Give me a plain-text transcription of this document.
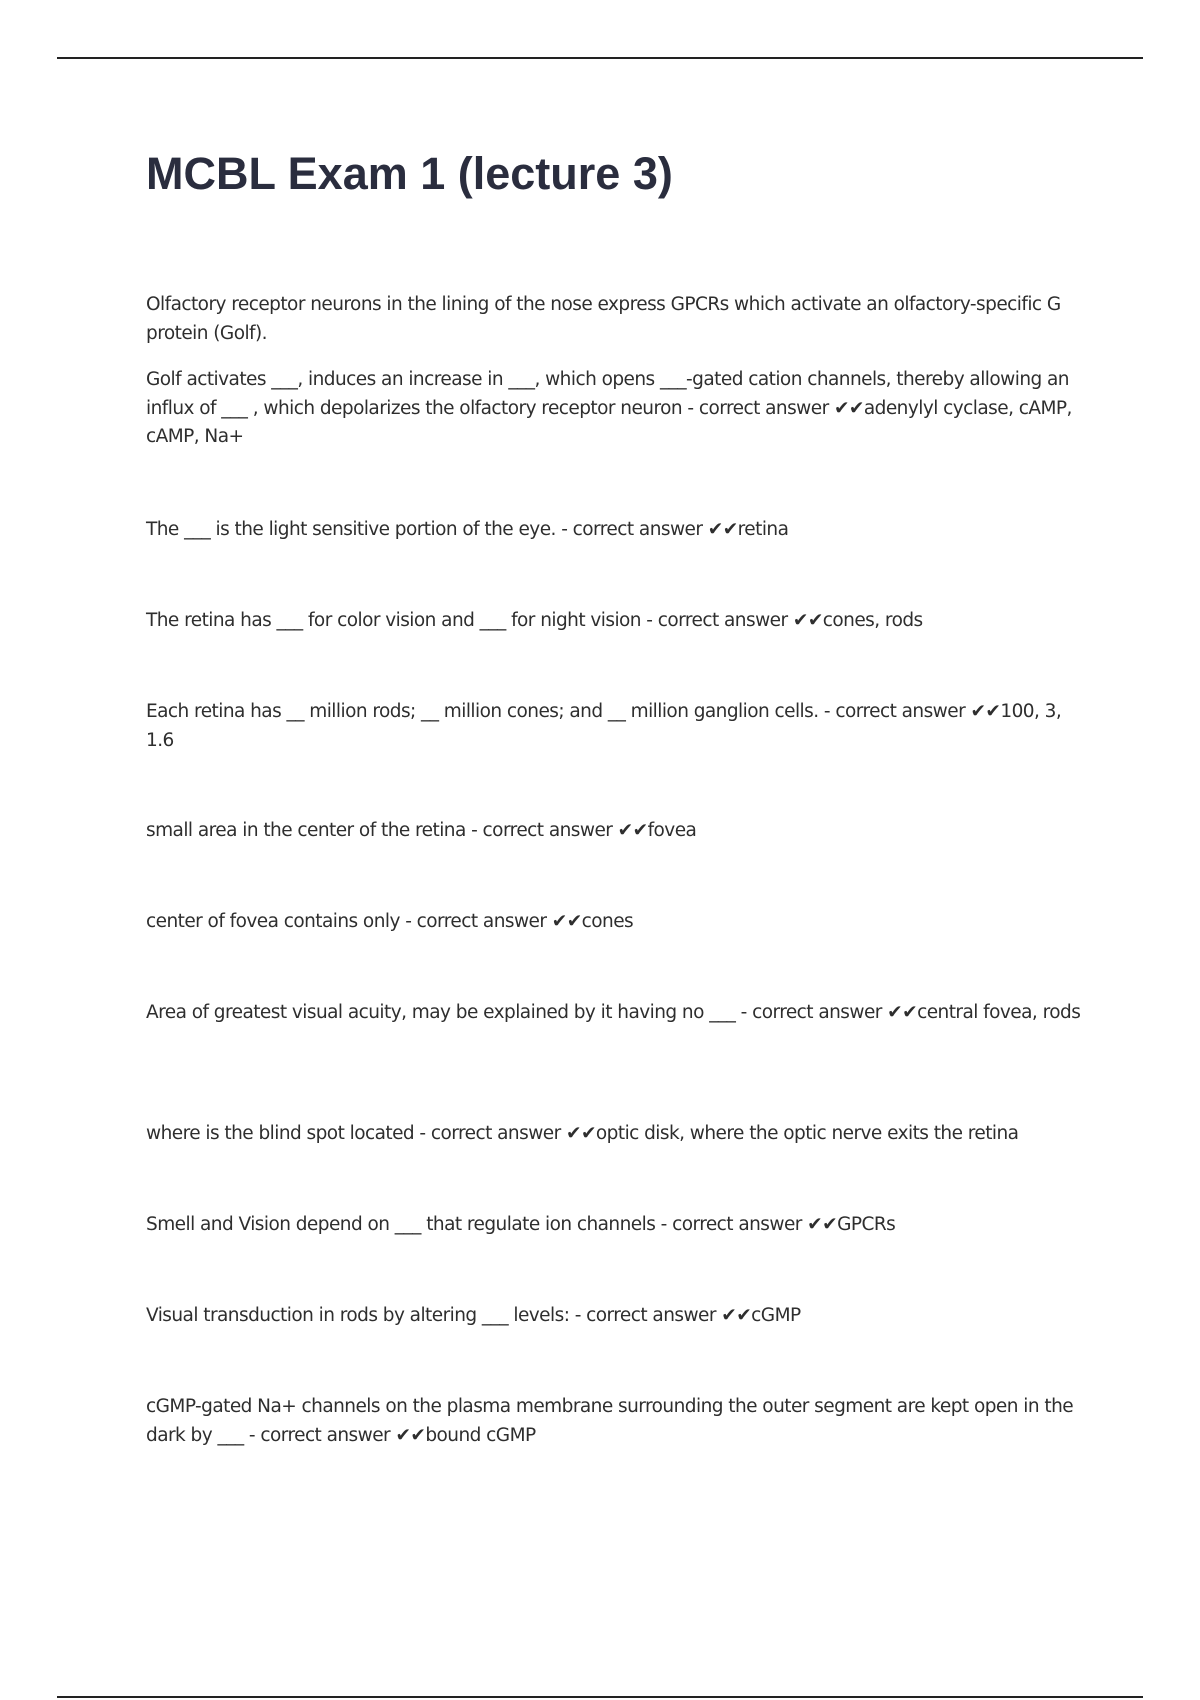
MCBL Exam 1 (lecture 3)

Olfactory receptor neurons in the lining of the nose express GPCRs which activate an olfactory-specific G protein (Golf).

Golf activates ___, induces an increase in ___, which opens ___-gated cation channels, thereby allowing an influx of ___ , which depolarizes the olfactory receptor neuron - correct answer ✔✔adenylyl cyclase, cAMP, cAMP, Na+

The ___ is the light sensitive portion of the eye. - correct answer ✔✔retina

The retina has ___ for color vision and ___ for night vision - correct answer ✔✔cones, rods

Each retina has __ million rods; __ million cones; and __ million ganglion cells. - correct answer ✔✔100, 3, 1.6

small area in the center of the retina - correct answer ✔✔fovea

center of fovea contains only - correct answer ✔✔cones

Area of greatest visual acuity, may be explained by it having no ___ - correct answer ✔✔central fovea, rods

where is the blind spot located - correct answer ✔✔optic disk, where the optic nerve exits the retina

Smell and Vision depend on ___ that regulate ion channels - correct answer ✔✔GPCRs

Visual transduction in rods by altering ___ levels: - correct answer ✔✔cGMP

cGMP-gated Na+ channels on the plasma membrane surrounding the outer segment are kept open in the dark by ___ - correct answer ✔✔bound cGMP
